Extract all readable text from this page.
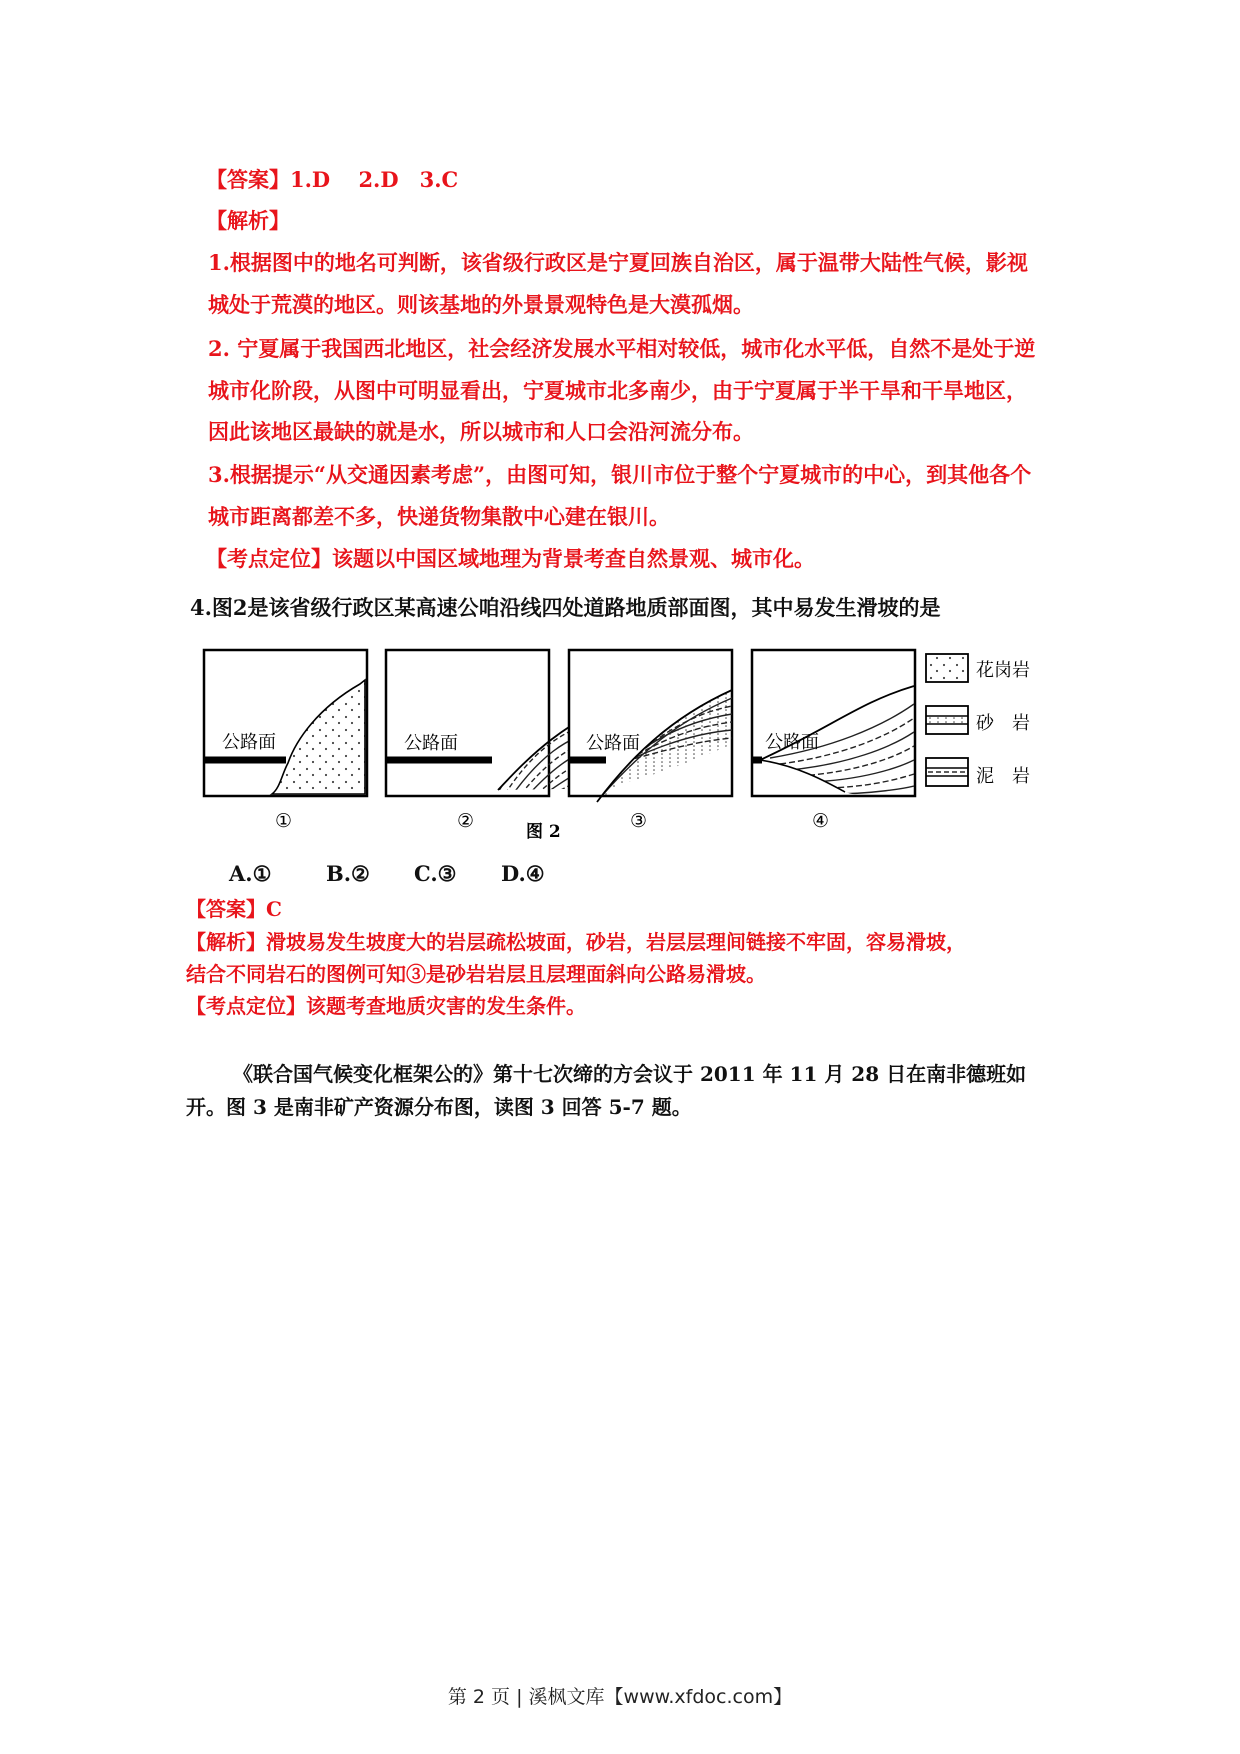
【答案】1.D　 2.D　3.C
【解析】
1.根据图中的地名可判断，该省级行政区是宁夏回族自治区，属于温带大陆性气候，影视
城处于荒漠的地区。则该基地的外景景观特色是大漠孤烟。
2. 宁夏属于我国西北地区，社会经济发展水平相对较低，城市化水平低，自然不是处于逆
城市化阶段，从图中可明显看出，宁夏城市北多南少，由于宁夏属于半干旱和干旱地区，
因此该地区最缺的就是水，所以城市和人口会沿河流分布。
3.根据提示“从交通因素考虑”，由图可知，银川市位于整个宁夏城市的中心，到其他各个
城市距离都差不多，快递货物集散中心建在银川。
【考点定位】该题以中国区域地理为背景考查自然景观、城市化。
4.图2是该省级行政区某高速公咱沿线四处道路地质部面图，其中易发生滑坡的是
公路面	公路面	公路面	公路面
花岗岩
砂　岩
泥　岩
①	②	③	④
图 2
A.①	B.② C.③ D.④
【答案】C
【解析】滑坡易发生坡度大的岩层疏松坡面，砂岩，岩层层理间链接不牢固，容易滑坡，
结合不同岩石的图例可知③是砂岩岩层且层理面斜向公路易滑坡。
【考点定位】该题考查地质灾害的发生条件。
《联合国气候变化框架公的》第十七次缔的方会议于 2011 年 11 月 28 日在南非德班如
开。图 3 是南非矿产资源分布图，读图 3 回答 5-7 题。
第 2 页 | 溪枫文库【www.xfdoc.com】
